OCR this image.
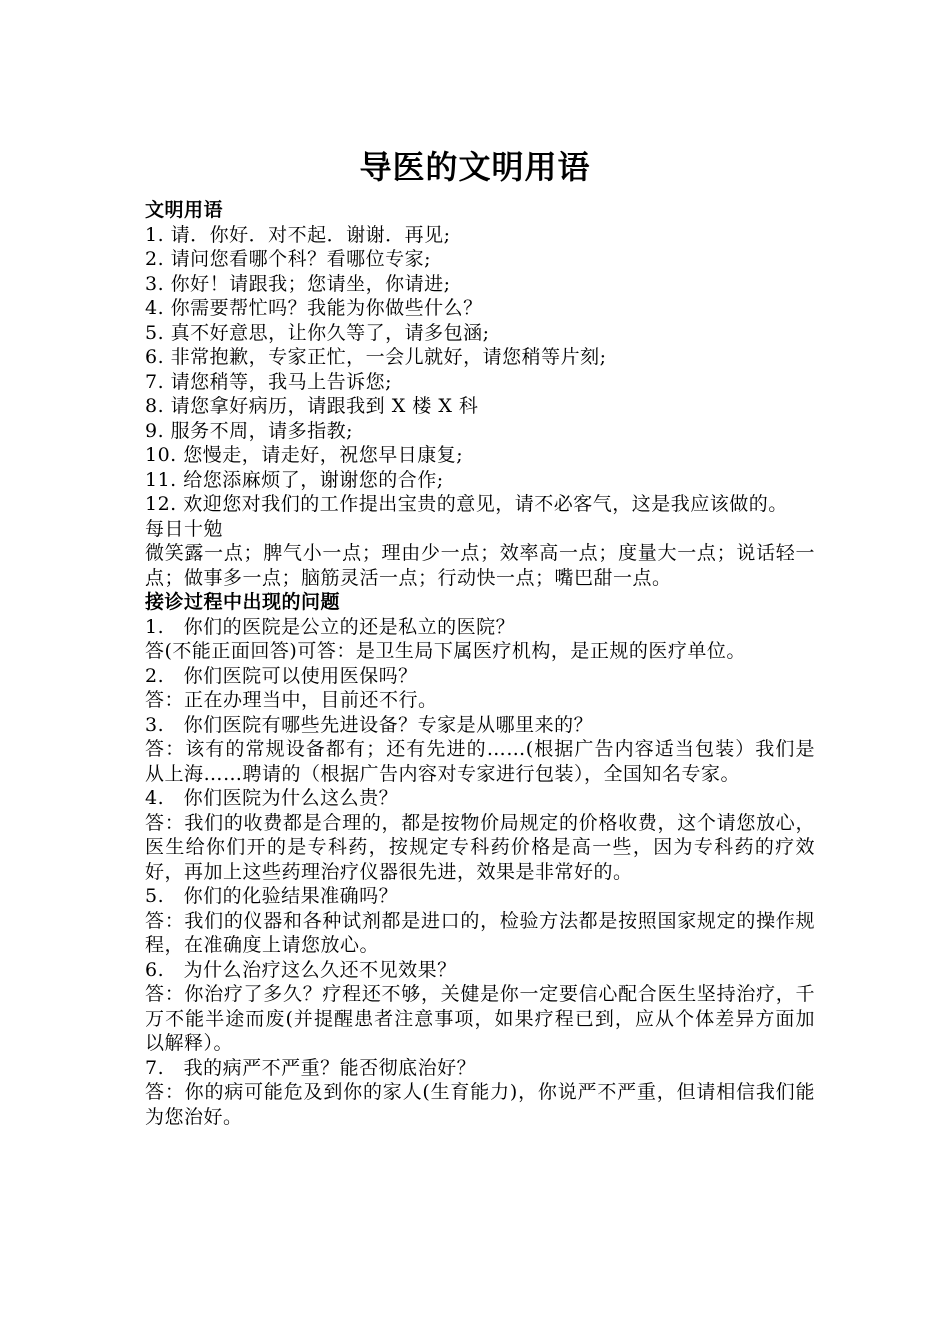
导医的文明用语
文明用语
1. 请．你好．对不起．谢谢．再见;
2. 请问您看哪个科？看哪位专家;
3. 你好！请跟我；您请坐，你请进;
4. 你需要帮忙吗？我能为你做些什么？
5. 真不好意思，让你久等了，请多包涵;
6. 非常抱歉，专家正忙，一会儿就好，请您稍等片刻;
7. 请您稍等，我马上告诉您;
8. 请您拿好病历，请跟我到 X 楼 X 科
9. 服务不周，请多指教;
10. 您慢走，请走好，祝您早日康复;
11. 给您添麻烦了，谢谢您的合作;
12. 欢迎您对我们的工作提出宝贵的意见，请不必客气，这是我应该做的。
每日十勉
微笑露一点；脾气小一点；理由少一点；效率高一点；度量大一点；说话轻一点；做事多一点；脑筋灵活一点；行动快一点；嘴巴甜一点。
接诊过程中出现的问题
1.　你们的医院是公立的还是私立的医院？
答(不能正面回答)可答：是卫生局下属医疗机构，是正规的医疗单位。
2.　你们医院可以使用医保吗？
答：正在办理当中，目前还不行。
3.　你们医院有哪些先进设备？专家是从哪里来的？
答：该有的常规设备都有；还有先进的……(根据广告内容适当包装）我们是从上海……聘请的（根据广告内容对专家进行包装），全国知名专家。
4.　你们医院为什么这么贵？
答：我们的收费都是合理的，都是按物价局规定的价格收费，这个请您放心，医生给你们开的是专科药，按规定专科药价格是高一些，因为专科药的疗效好，再加上这些药理治疗仪器很先进，效果是非常好的。
5.　你们的化验结果准确吗？
答：我们的仪器和各种试剂都是进口的，检验方法都是按照国家规定的操作规程，在准确度上请您放心。
6.　为什么治疗这么久还不见效果？
答：你治疗了多久？疗程还不够，关健是你一定要信心配合医生坚持治疗，千万不能半途而废(并提醒患者注意事项，如果疗程已到，应从个体差异方面加以解释）。
7.　我的病严不严重？能否彻底治好？
答：你的病可能危及到你的家人(生育能力)，你说严不严重，但请相信我们能为您治好。
